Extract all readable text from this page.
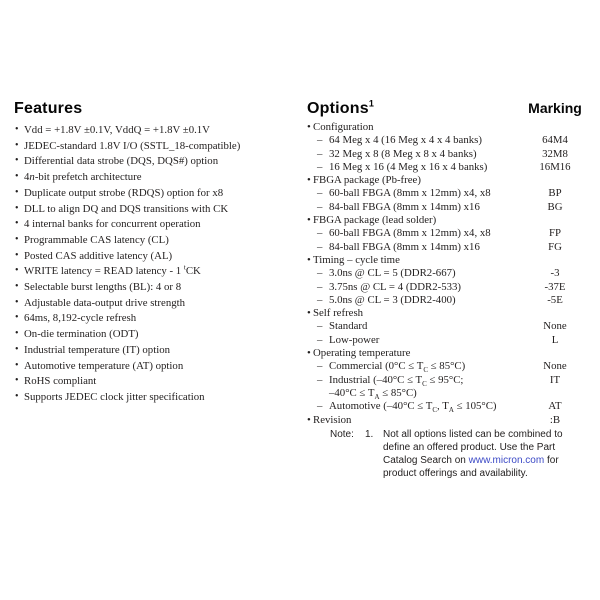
Features
• Vdd = +1.8V ±0.1V, VddQ = +1.8V ±0.1V
• JEDEC-standard 1.8V I/O (SSTL_18-compatible)
• Differential data strobe (DQS, DQS#) option
• 4n-bit prefetch architecture
• Duplicate output strobe (RDQS) option for x8
• DLL to align DQ and DQS transitions with CK
• 4 internal banks for concurrent operation
• Programmable CAS latency (CL)
• Posted CAS additive latency (AL)
• WRITE latency = READ latency - 1 $^t$CK
• Selectable burst lengths (BL): 4 or 8
• Adjustable data-output drive strength
• 64ms, 8,192-cycle refresh
• On-die termination (ODT)
• Industrial temperature (IT) option
• Automotive temperature (AT) option
• RoHS compliant
• Supports JEDEC clock jitter specification
Options$^1$	Marking
• Configuration
– 64 Meg x 4 (16 Meg x 4 x 4 banks)	64M4
– 32 Meg x 8 (8 Meg x 8 x 4 banks)	32M8
– 16 Meg x 16 (4 Meg x 16 x 4 banks)	16M16
• FBGA package (Pb-free)
– 60-ball FBGA (8mm x 12mm) x4, x8	BP
– 84-ball FBGA (8mm x 14mm) x16	BG
• FBGA package (lead solder)
– 60-ball FBGA (8mm x 12mm) x4, x8	FP
– 84-ball FBGA (8mm x 14mm) x16	FG
• Timing – cycle time
– 3.0ns @ CL = 5 (DDR2-667)	-3
– 3.75ns @ CL = 4 (DDR2-533)	-37E
– 5.0ns @ CL = 3 (DDR2-400)	-5E
• Self refresh
– Standard	None
– Low-power	L
• Operating temperature
– Commercial $(0^\circ C \le T_C \le 85^\circ C)$	None
– Industrial ($-40^\circ C \le T_C \le 95^\circ C$;	IT
$-40^\circ C \le T_A \le 85^\circ C$)
– Automotive ($-40^\circ C \le T_C$, $T_A \le 105^\circ C$)	AT
• Revision	:B
Note:	1. Not all options listed can be combined to define an offered product. Use the Part Catalog Search on www.micron.com for product offerings and availability.
